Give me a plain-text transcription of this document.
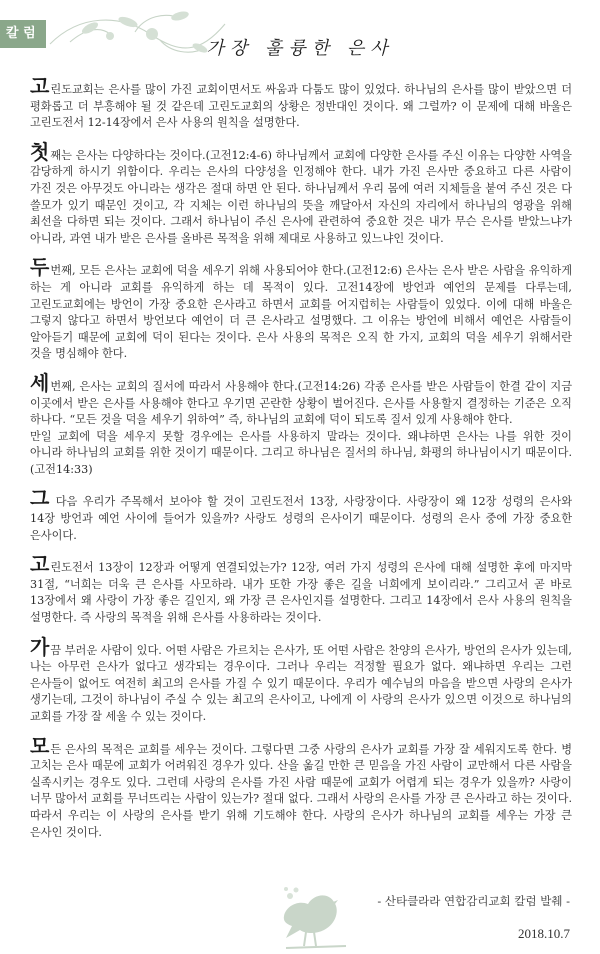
칼 럼
가장 훌륭한 은사

고린도교회는 은사를 많이 가진 교회이면서도 싸움과 다툼도 많이 있었다. 하나님의 은사를 많이 받았으면 더 평화롭고 더 부흥해야 될 것 같은데 고린도교회의 상황은 정반대인 것이다. 왜 그럴까? 이 문제에 대해 바울은 고린도전서 12-14장에서 은사 사용의 원칙을 설명한다.

첫째는 은사는 다양하다는 것이다.(고전12:4-6) 하나님께서 교회에 다양한 은사를 주신 이유는 다양한 사역을 감당하게 하시기 위함이다. 우리는 은사의 다양성을 인정해야 한다. 내가 가진 은사만 중요하고 다른 사람이 가진 것은 아무것도 아니라는 생각은 절대 하면 안 된다. 하나님께서 우리 몸에 여러 지체들을 붙여 주신 것은 다 쓸모가 있기 때문인 것이고, 각 지체는 이런 하나님의 뜻을 깨달아서 자신의 자리에서 하나님의 영광을 위해 최선을 다하면 되는 것이다. 그래서 하나님이 주신 은사에 관련하여 중요한 것은 내가 무슨 은사를 받았느냐가 아니라, 과연 내가 받은 은사를 올바른 목적을 위해 제대로 사용하고 있느냐인 것이다.

두번째, 모든 은사는 교회에 덕을 세우기 위해 사용되어야 한다.(고전12:6) 은사는 은사 받은 사람을 유익하게 하는 게 아니라 교회를 유익하게 하는 데 목적이 있다. 고전14장에 방언과 예언의 문제를 다루는데, 고린도교회에는 방언이 가장 중요한 은사라고 하면서 교회를 어지럽히는 사람들이 있었다. 이에 대해 바울은 그렇지 않다고 하면서 방언보다 예언이 더 큰 은사라고 설명했다. 그 이유는 방언에 비해서 예언은 사람들이 알아듣기 때문에 교회에 덕이 된다는 것이다. 은사 사용의 목적은 오직 한 가지, 교회의 덕을 세우기 위해서란 것을 명심해야 한다.

세번째, 은사는 교회의 질서에 따라서 사용해야 한다.(고전14:26) 각종 은사를 받은 사람들이 한결 같이 지금 이곳에서 받은 은사를 사용해야 한다고 우기면 곤란한 상황이 벌어진다. 은사를 사용할지 결정하는 기준은 오직 하나다. “모든 것을 덕을 세우기 위하여” 즉, 하나님의 교회에 덕이 되도록 질서 있게 사용해야 한다.
만일 교회에 덕을 세우지 못할 경우에는 은사를 사용하지 말라는 것이다. 왜냐하면 은사는 나를 위한 것이 아니라 하나님의 교회를 위한 것이기 때문이다. 그리고 하나님은 질서의 하나님, 화평의 하나님이시기 때문이다.(고전14:33)

그 다음 우리가 주목해서 보아야 할 것이 고린도전서 13장, 사랑장이다. 사랑장이 왜 12장 성령의 은사와 14장 방언과 예언 사이에 들어가 있을까? 사랑도 성령의 은사이기 때문이다. 성령의 은사 중에 가장 중요한 은사이다.

고린도전서 13장이 12장과 어떻게 연결되었는가? 12장, 여러 가지 성령의 은사에 대해 설명한 후에 마지막 31절, “너희는 더욱 큰 은사를 사모하라. 내가 또한 가장 좋은 길을 너희에게 보이리라.” 그리고서 곧 바로 13장에서 왜 사랑이 가장 좋은 길인지, 왜 가장 큰 은사인지를 설명한다. 그리고 14장에서 은사 사용의 원칙을 설명한다. 즉 사랑의 목적을 위해 은사를 사용하라는 것이다.

가끔 부러운 사람이 있다. 어떤 사람은 가르치는 은사가, 또 어떤 사람은 찬양의 은사가, 방언의 은사가 있는데, 나는 아무런 은사가 없다고 생각되는 경우이다. 그러나 우리는 걱정할 필요가 없다. 왜냐하면 우리는 그런 은사들이 없어도 여전히 최고의 은사를 가질 수 있기 때문이다. 우리가 예수님의 마음을 받으면 사랑의 은사가 생기는데, 그것이 하나님이 주실 수 있는 최고의 은사이고, 나에게 이 사랑의 은사가 있으면 이것으로 하나님의 교회를 가장 잘 세울 수 있는 것이다.

모든 은사의 목적은 교회를 세우는 것이다. 그렇다면 그중 사랑의 은사가 교회를 가장 잘 세워지도록 한다. 병 고치는 은사 때문에 교회가 어려워진 경우가 있다. 산을 옮길 만한 큰 믿음을 가진 사람이 교만해서 다른 사람을 실족시키는 경우도 있다. 그런데 사랑의 은사를 가진 사람 때문에 교회가 어렵게 되는 경우가 있을까? 사랑이 너무 많아서 교회를 무너뜨리는 사람이 있는가? 절대 없다. 그래서 사랑의 은사를 가장 큰 은사라고 하는 것이다. 따라서 우리는 이 사랑의 은사를 받기 위해 기도해야 한다. 사랑의 은사가 하나님의 교회를 세우는 가장 큰 은사인 것이다.

- 산타클라라 연합감리교회 칼럼 발췌 -
2018.10.7
